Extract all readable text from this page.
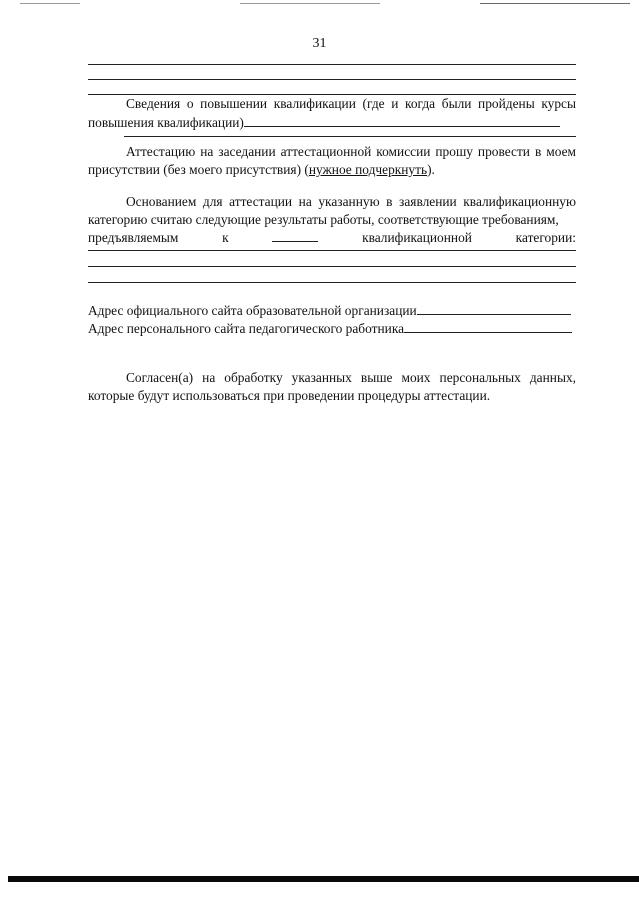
31
Сведения о повышении квалификации (где и когда были пройдены курсы повышения квалификации)
Аттестацию на заседании аттестационной комиссии прошу провести в моем присутствии (без моего присутствия) (нужное подчеркнуть).
Основанием для аттестации на указанную в заявлении квалификационную категорию считаю следующие результаты работы, соответствующие требованиям,
предъявляемым	к	квалификационной	категории:
Адрес официального сайта образовательной организации
Адрес персонального сайта педагогического работника
Согласен(а) на обработку указанных выше моих персональных данных, которые будут использоваться при проведении процедуры аттестации.
